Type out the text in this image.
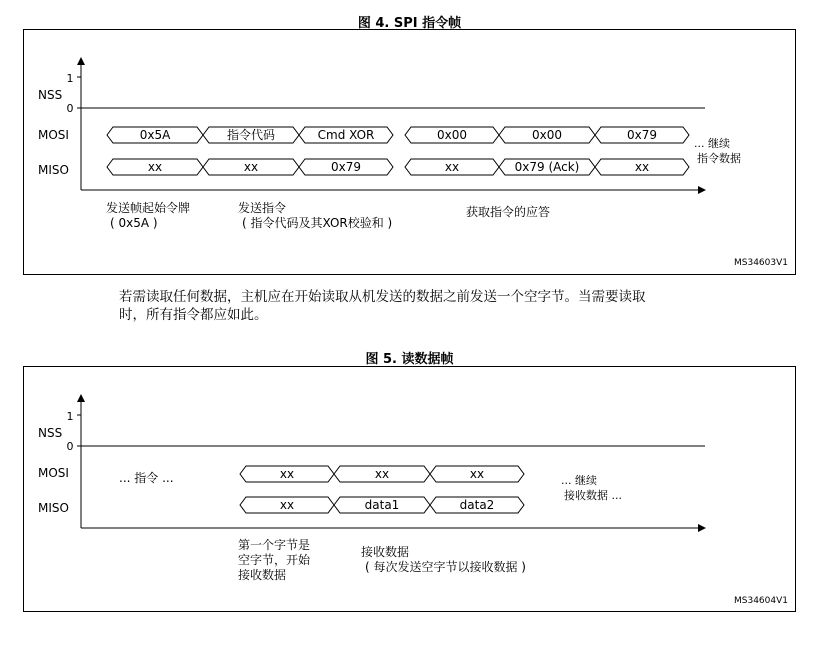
图 4. SPI 指令帧
1
NSS
0
MOSI
MISO
0x5A	指令代码	Cmd XOR	0x00	0x00	0x79
xx	xx	0x79	xx	0x79 (Ack)	xx
... 继续
指令数据
发送帧起始令牌
( 0x5A )
发送指令
( 指令代码及其XOR校验和 )
获取指令的应答
MS34603V1
若需读取任何数据，主机应在开始读取从机发送的数据之前发送一个空字节。当需要读取
时，所有指令都应如此。
图 5. 读数据帧
1
NSS
0
MOSI
MISO
... 指令 ...	xx	xx	xx
xx	data1	data2
... 继续
接收数据 ...
第一个字节是
空字节，开始
接收数据
接收数据
( 每次发送空字节以接收数据 )
MS34604V1
